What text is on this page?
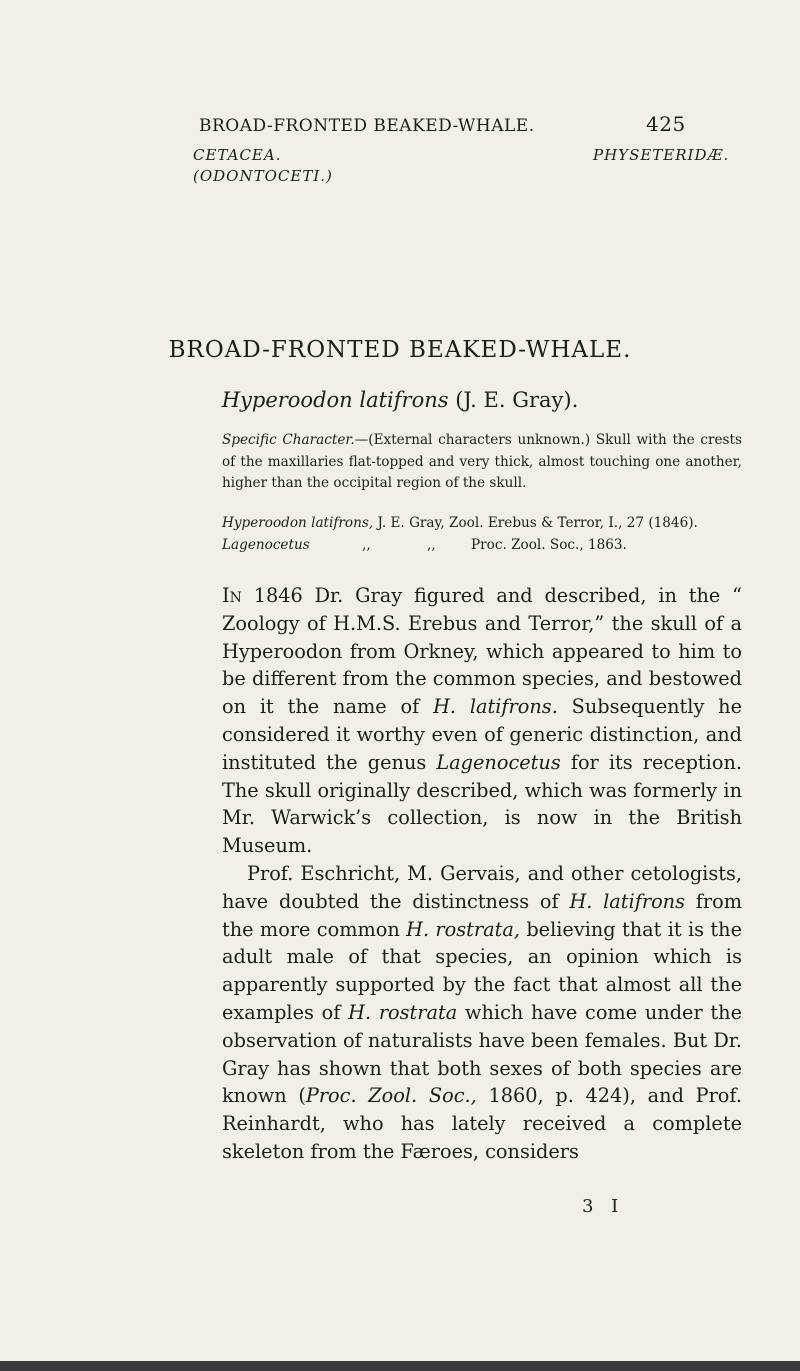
BROAD-FRONTED BEAKED-WHALE.	425
CETACEA.
(ODONTOCETI.)
PHYSETERIDÆ.
BROAD-FRONTED BEAKED-WHALE.
Hyperoodon latifrons (J. E. Gray).
Specific Character.—(External characters unknown.) Skull with the crests of the maxillaries flat-topped and very thick, almost touching one another, higher than the occipital region of the skull.
Hyperoodon latifrons, J. E. Gray, Zool. Erebus & Terror, I., 27 (1846).
Lagenocetus	,,	,,	Proc. Zool. Soc., 1863.

In 1846 Dr. Gray figured and described, in the “ Zoology of H.M.S. Erebus and Terror,” the skull of a Hyperoodon from Orkney, which appeared to him to be different from the common species, and bestowed on it the name of H. latifrons. Subsequently he considered it worthy even of generic distinction, and instituted the genus Lagenocetus for its reception. The skull originally described, which was formerly in Mr. Warwick’s collection, is now in the British Museum.

Prof. Eschricht, M. Gervais, and other cetologists, have doubted the distinctness of H. latifrons from the more common H. rostrata, believing that it is the adult male of that species, an opinion which is apparently supported by the fact that almost all the examples of H. rostrata which have come under the observation of naturalists have been females. But Dr. Gray has shown that both sexes of both species are known (Proc. Zool. Soc., 1860, p. 424), and Prof. Reinhardt, who has lately received a complete skeleton from the Færoes, considers

3 I
